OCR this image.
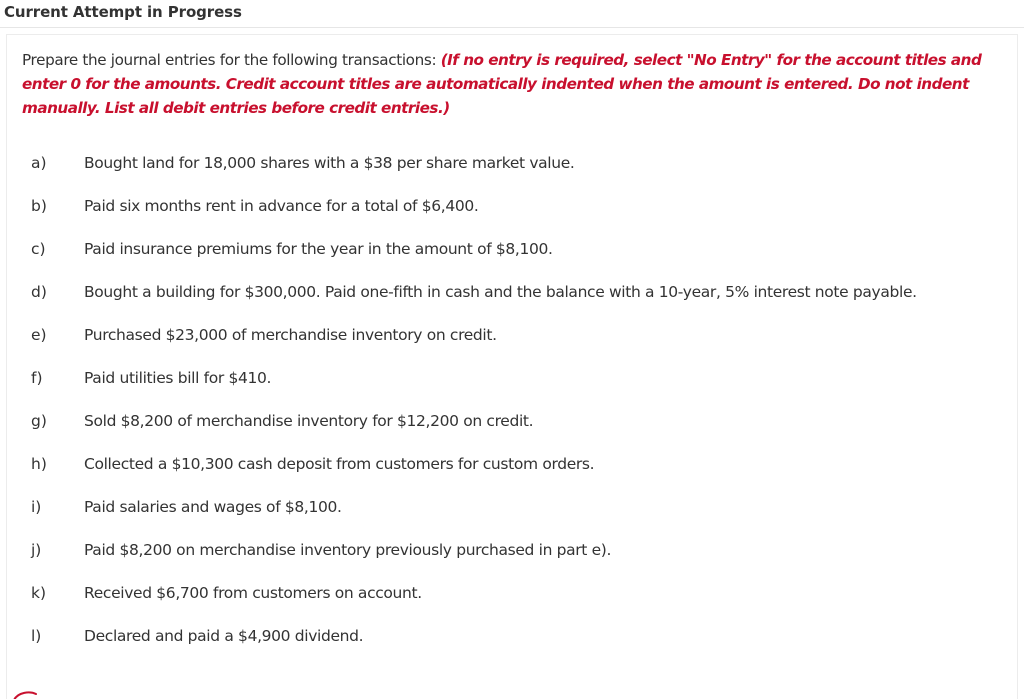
Current Attempt in Progress
Prepare the journal entries for the following transactions: (If no entry is required, select "No Entry" for the account titles and enter 0 for the amounts. Credit account titles are automatically indented when the amount is entered. Do not indent manually. List all debit entries before credit entries.)
a)	Bought land for 18,000 shares with a $38 per share market value.
b)	Paid six months rent in advance for a total of $6,400.
c)	Paid insurance premiums for the year in the amount of $8,100.
d)	Bought a building for $300,000. Paid one-fifth in cash and the balance with a 10-year, 5% interest note payable.
e)	Purchased $23,000 of merchandise inventory on credit.
f)	Paid utilities bill for $410.
g)	Sold $8,200 of merchandise inventory for $12,200 on credit.
h)	Collected a $10,300 cash deposit from customers for custom orders.
i)	Paid salaries and wages of $8,100.
j)	Paid $8,200 on merchandise inventory previously purchased in part e).
k)	Received $6,700 from customers on account.
l)	Declared and paid a $4,900 dividend.
